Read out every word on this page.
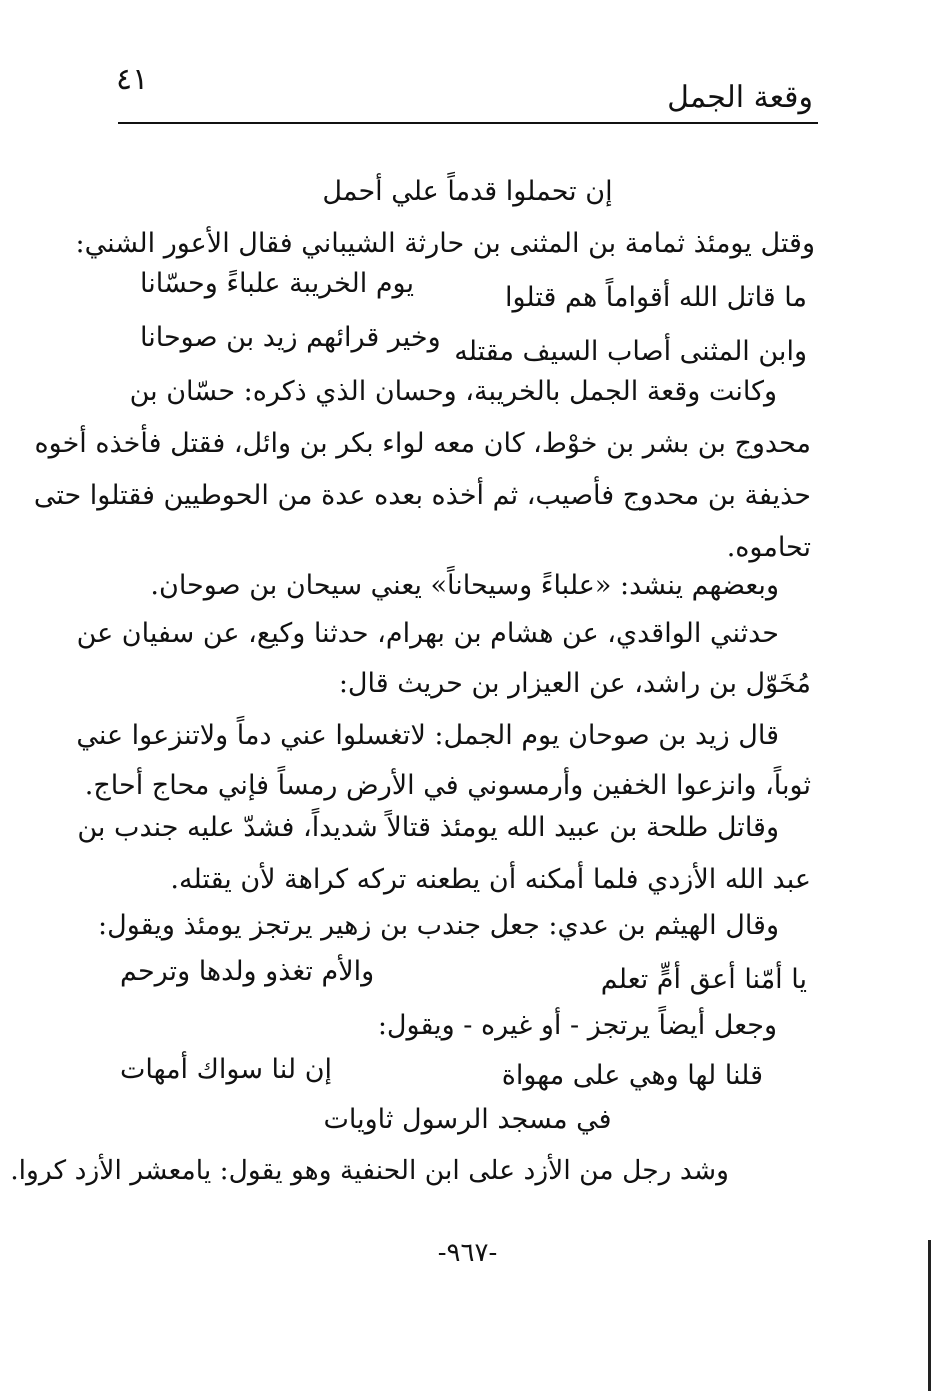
وقعة الجمل
٤١
إن تحملوا قدماً علي أحمل
وقتل يومئذ ثمامة بن المثنى بن حارثة الشيباني فقال الأعور الشني:
ما قاتل الله أقواماً هم قتلوا
يوم الخريبة علباءً وحسّانا
وابن المثنى أصاب السيف مقتله
وخير قرائهم زيد بن صوحانا
وكانت وقعة الجمل بالخريبة، وحسان الذي ذكره: حسّان بن
محدوج بن بشر بن خوْط، كان معه لواء بكر بن وائل، فقتل فأخذه أخوه
حذيفة بن محدوج فأصيب، ثم أخذه بعده عدة من الحوطيين فقتلوا حتى
تحاموه.
وبعضهم ينشد: «علباءً وسيحاناً» يعني سيحان بن صوحان.
حدثني الواقدي، عن هشام بن بهرام، حدثنا وكيع، عن سفيان عن
مُخَوّل بن راشد، عن العيزار بن حريث قال:
قال زيد بن صوحان يوم الجمل: لاتغسلوا عني دماً ولاتنزعوا عني
ثوباً، وانزعوا الخفين وأرمسوني في الأرض رمساً فإني محاج أحاج.
وقاتل طلحة بن عبيد الله يومئذ قتالاً شديداً، فشدّ عليه جندب بن
عبد الله الأزدي فلما أمكنه أن يطعنه تركه كراهة لأن يقتله.
وقال الهيثم بن عدي: جعل جندب بن زهير يرتجز يومئذ ويقول:
يا أمّنا أعق أمٍّ تعلم
والأم تغذو ولدها وترحم
وجعل أيضاً يرتجز - أو غيره - ويقول:
قلنا لها وهي على مهواة
إن لنا سواك أمهات
في مسجد الرسول ثاويات
وشد رجل من الأزد على ابن الحنفية وهو يقول: يامعشر الأزد كروا.
-٩٦٧-
